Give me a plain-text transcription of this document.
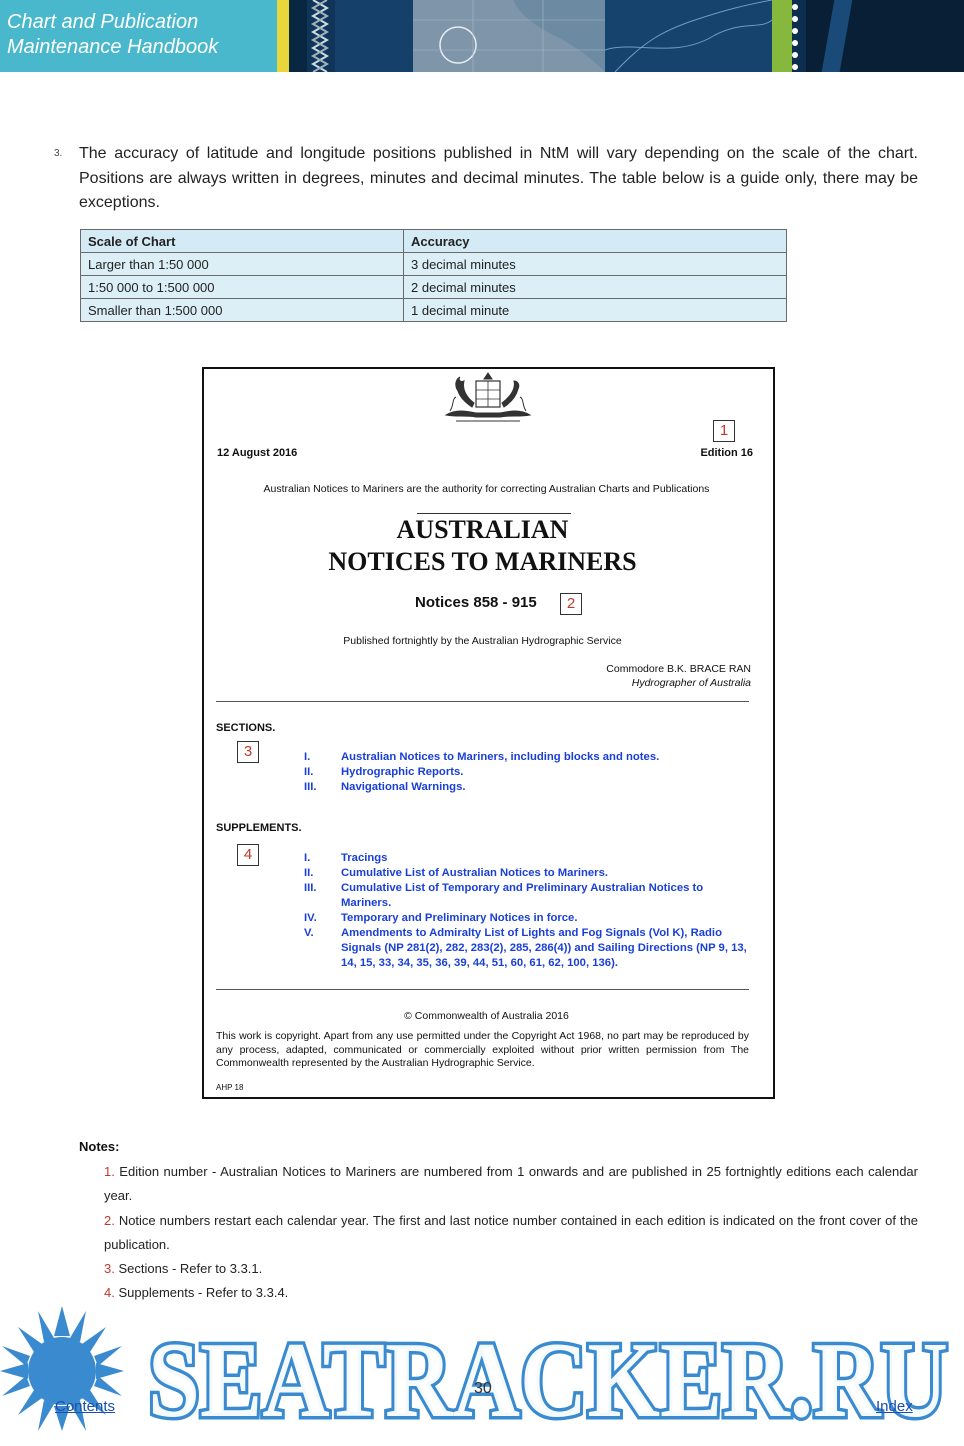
Chart and Publication
Maintenance Handbook
3. The accuracy of latitude and longitude positions published in NtM will vary depending on the scale of the chart. Positions are always written in degrees, minutes and decimal minutes. The table below is a guide only, there may be exceptions.
Scale of Chart	Accuracy
Larger than 1:50 000	3 decimal minutes
1:50 000 to 1:500 000	2 decimal minutes
Smaller than 1:500 000	1 decimal minute
12 August 2016
1
Edition 16
Australian Notices to Mariners are the authority for correcting Australian Charts and Publications
AUSTRALIAN
NOTICES TO MARINERS
Notices 858 - 915	2
Published fortnightly by the Australian Hydrographic Service
Commodore B.K. BRACE RAN
Hydrographer of Australia
SECTIONS.
3	I.	Australian Notices to Mariners, including blocks and notes.
II.	Hydrographic Reports.
III.	Navigational Warnings.
SUPPLEMENTS.
4	I.	Tracings
II.	Cumulative List of Australian Notices to Mariners.
III.	Cumulative List of Temporary and Preliminary Australian Notices to Mariners.
IV.	Temporary and Preliminary Notices in force.
V.	Amendments to Admiralty List of Lights and Fog Signals (Vol K), Radio Signals (NP 281(2), 282, 283(2), 285, 286(4)) and Sailing Directions (NP 9, 13, 14, 15, 33, 34, 35, 36, 39, 44, 51, 60, 61, 62, 100, 136).
© Commonwealth of Australia 2016
This work is copyright. Apart from any use permitted under the Copyright Act 1968, no part may be reproduced by any process, adapted, communicated or commercially exploited without prior written permission from The Commonwealth represented by the Australian Hydrographic Service.
AHP 18
Notes:
1. Edition number - Australian Notices to Mariners are numbered from 1 onwards and are published in 25 fortnightly editions each calendar year.
2. Notice numbers restart each calendar year. The first and last notice number contained in each edition is indicated on the front cover of the publication.
3. Sections - Refer to 3.3.1.
4. Supplements - Refer to 3.3.4.
SEATRACKER.RU
SEATRACKER.RU
Contents
30
Index
